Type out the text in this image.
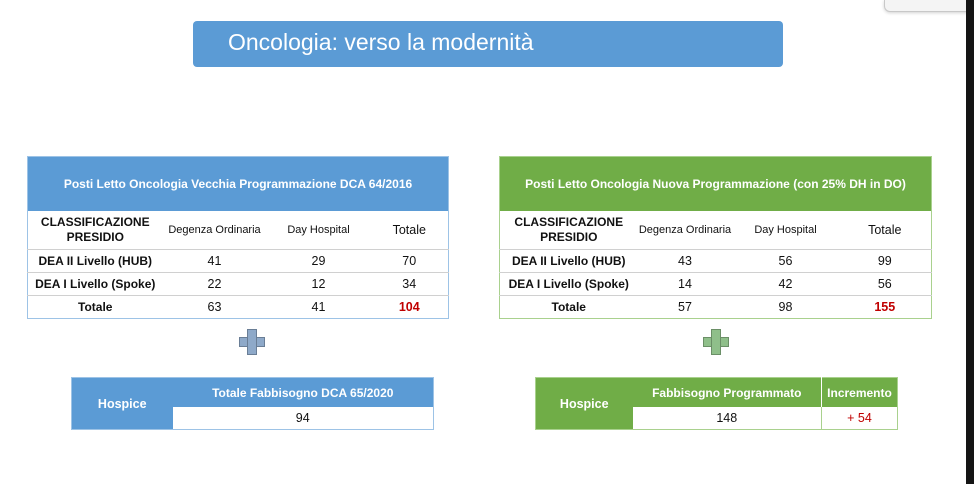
Oncologia: verso la modernità
Posti Letto Oncologia Vecchia Programmazione DCA 64/2016			
CLASSIFICAZIONE PRESIDIO	Degenza Ordinaria	Day Hospital	Totale
DEA II Livello (HUB)	41	29	70
DEA I Livello (Spoke)	22	12	34
Totale	63	41	104
Posti Letto Oncologia Nuova Programmazione (con 25% DH in DO)			
CLASSIFICAZIONE PRESIDIO	Degenza Ordinaria	Day Hospital	Totale
DEA II Livello (HUB)	43	56	99
DEA I Livello (Spoke)	14	42	56
Totale	57	98	155
Hospice	Totale Fabbisogno DCA 65/2020
94
Hospice	Fabbisogno Programmato	Incremento
	148	+ 54
